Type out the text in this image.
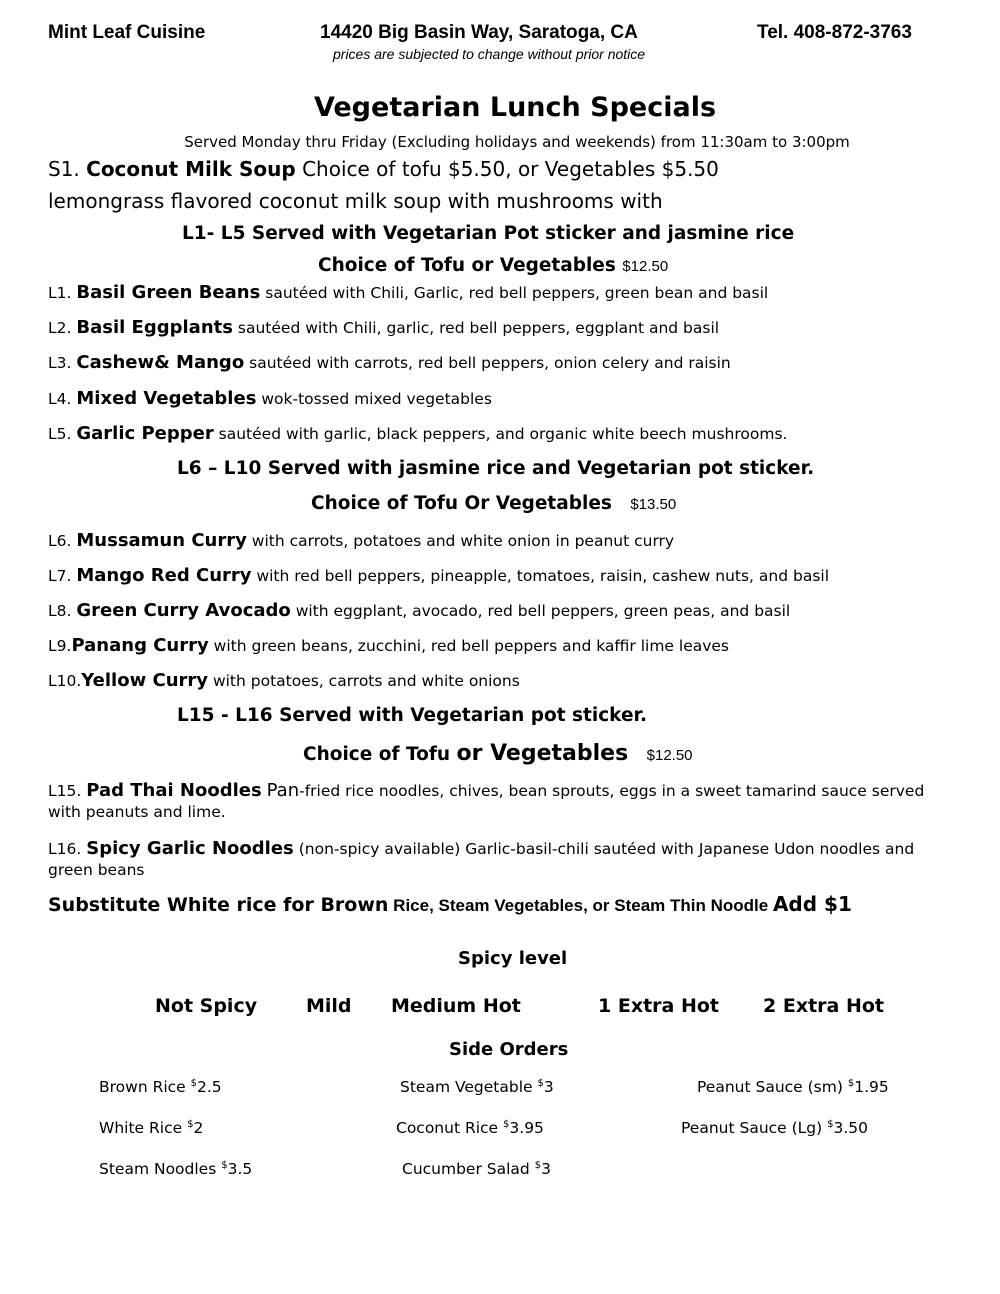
Mint Leaf Cuisine	14420 Big Basin Way, Saratoga, CA	Tel. 408-872-3763
prices are subjected to change without prior notice
Vegetarian Lunch Specials
Served Monday thru Friday (Excluding holidays and weekends) from 11:30am to 3:00pm
S1. Coconut Milk Soup Choice of tofu $5.50, or Vegetables $5.50
lemongrass flavored coconut milk soup with mushrooms with
L1- L5 Served with Vegetarian Pot sticker and jasmine rice
Choice of Tofu or Vegetables $12.50
L1. Basil Green Beans sautéed with Chili, Garlic, red bell peppers, green bean and basil
L2. Basil Eggplants sautéed with Chili, garlic, red bell peppers, eggplant and basil
L3. Cashew& Mango sautéed with carrots, red bell peppers, onion celery and raisin
L4. Mixed Vegetables wok-tossed mixed vegetables
L5. Garlic Pepper sautéed with garlic, black peppers, and organic white beech mushrooms.
L6 – L10 Served with jasmine rice and Vegetarian pot sticker.
Choice of Tofu Or Vegetables $13.50
L6. Mussamun Curry with carrots, potatoes and white onion in peanut curry
L7. Mango Red Curry with red bell peppers, pineapple, tomatoes, raisin, cashew nuts, and basil
L8. Green Curry Avocado with eggplant, avocado, red bell peppers, green peas, and basil
L9.Panang Curry with green beans, zucchini, red bell peppers and kaffir lime leaves
L10.Yellow Curry with potatoes, carrots and white onions
L15 - L16 Served with Vegetarian pot sticker.
Choice of Tofu or Vegetables $12.50
L15. Pad Thai Noodles Pan-fried rice noodles, chives, bean sprouts, eggs in a sweet tamarind sauce served with peanuts and lime.
L16. Spicy Garlic Noodles (non-spicy available) Garlic-basil-chili sautéed with Japanese Udon noodles and green beans
Substitute White rice for Brown Rice, Steam Vegetables, or Steam Thin Noodle Add $1
Spicy level
Not Spicy	Mild Medium Hot	1 Extra Hot 2 Extra Hot
Side Orders
Brown Rice $2.5	Steam Vegetable $3	Peanut Sauce (sm) $1.95
White Rice $2	Coconut Rice $3.95	Peanut Sauce (Lg) $3.50
Steam Noodles $3.5	Cucumber Salad $3
